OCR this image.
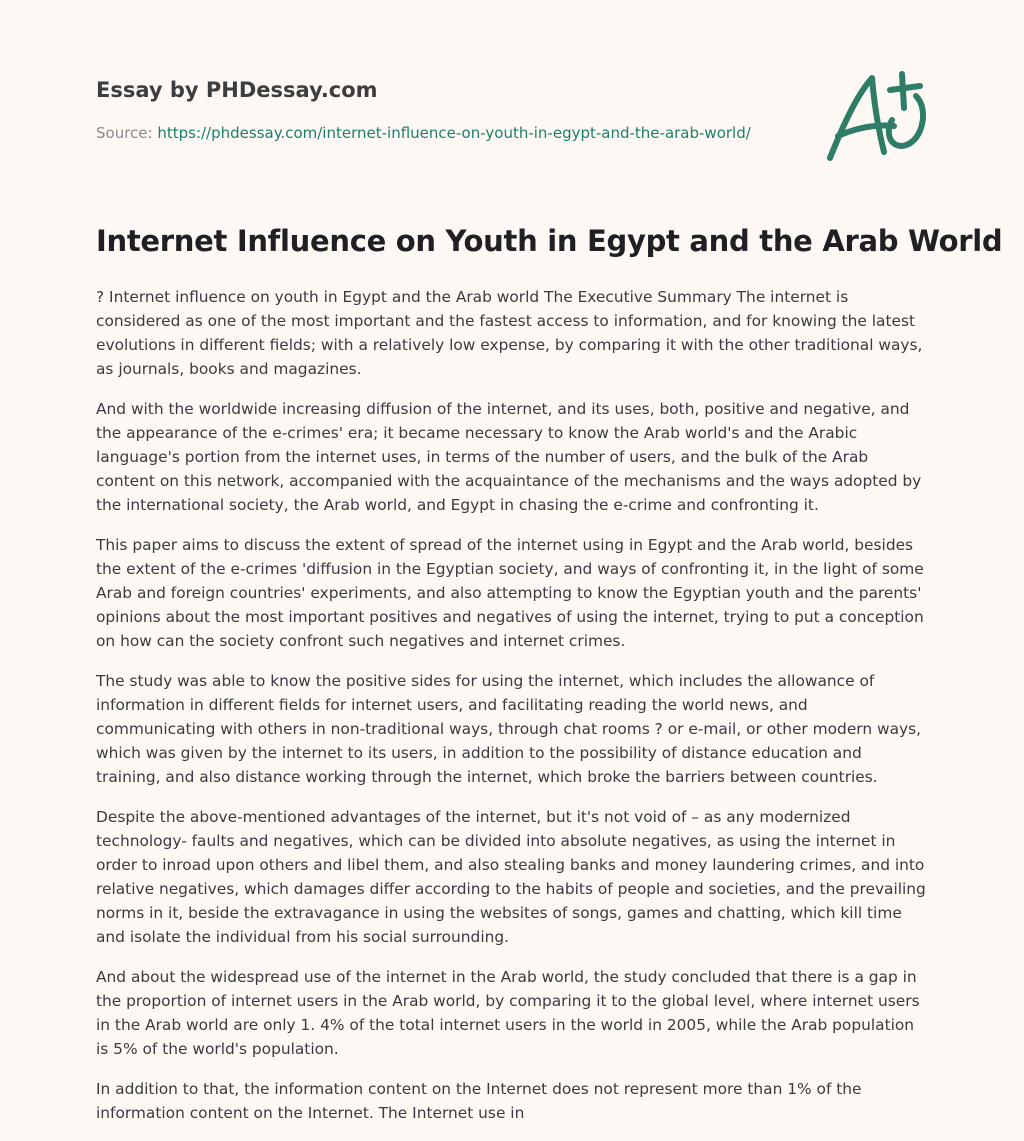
Essay by PHDessay.com
Source: https://phdessay.com/internet-influence-on-youth-in-egypt-and-the-arab-world/
Internet Influence on Youth in Egypt and the Arab World

? Internet influence on youth in Egypt and the Arab world The Executive Summary The internet is considered as one of the most important and the fastest access to information, and for knowing the latest evolutions in different fields; with a relatively low expense, by comparing it with the other traditional ways, as journals, books and magazines.

And with the worldwide increasing diffusion of the internet, and its uses, both, positive and negative, and the appearance of the e-crimes' era; it became necessary to know the Arab world's and the Arabic language's portion from the internet uses, in terms of the number of users, and the bulk of the Arab content on this network, accompanied with the acquaintance of the mechanisms and the ways adopted by the international society, the Arab world, and Egypt in chasing the e-crime and confronting it.

This paper aims to discuss the extent of spread of the internet using in Egypt and the Arab world, besides the extent of the e-crimes 'diffusion in the Egyptian society, and ways of confronting it, in the light of some Arab and foreign countries' experiments, and also attempting to know the Egyptian youth and the parents' opinions about the most important positives and negatives of using the internet, trying to put a conception on how can the society confront such negatives and internet crimes.

The study was able to know the positive sides for using the internet, which includes the allowance of information in different fields for internet users, and facilitating reading the world news, and communicating with others in non-traditional ways, through chat rooms ? or e-mail, or other modern ways, which was given by the internet to its users, in addition to the possibility of distance education and training, and also distance working through the internet, which broke the barriers between countries.

Despite the above-mentioned advantages of the internet, but it's not void of – as any modernized technology- faults and negatives, which can be divided into absolute negatives, as using the internet in order to inroad upon others and libel them, and also stealing banks and money laundering crimes, and into relative negatives, which damages differ according to the habits of people and societies, and the prevailing norms in it, beside the extravagance in using the websites of songs, games and chatting, which kill time and isolate the individual from his social surrounding.

And about the widespread use of the internet in the Arab world, the study concluded that there is a gap in the proportion of internet users in the Arab world, by comparing it to the global level, where internet users in the Arab world are only 1. 4% of the total internet users in the world in 2005, while the Arab population is 5% of the world's population.

In addition to that, the information content on the Internet does not represent more than 1% of the information content on the Internet. The Internet use in
